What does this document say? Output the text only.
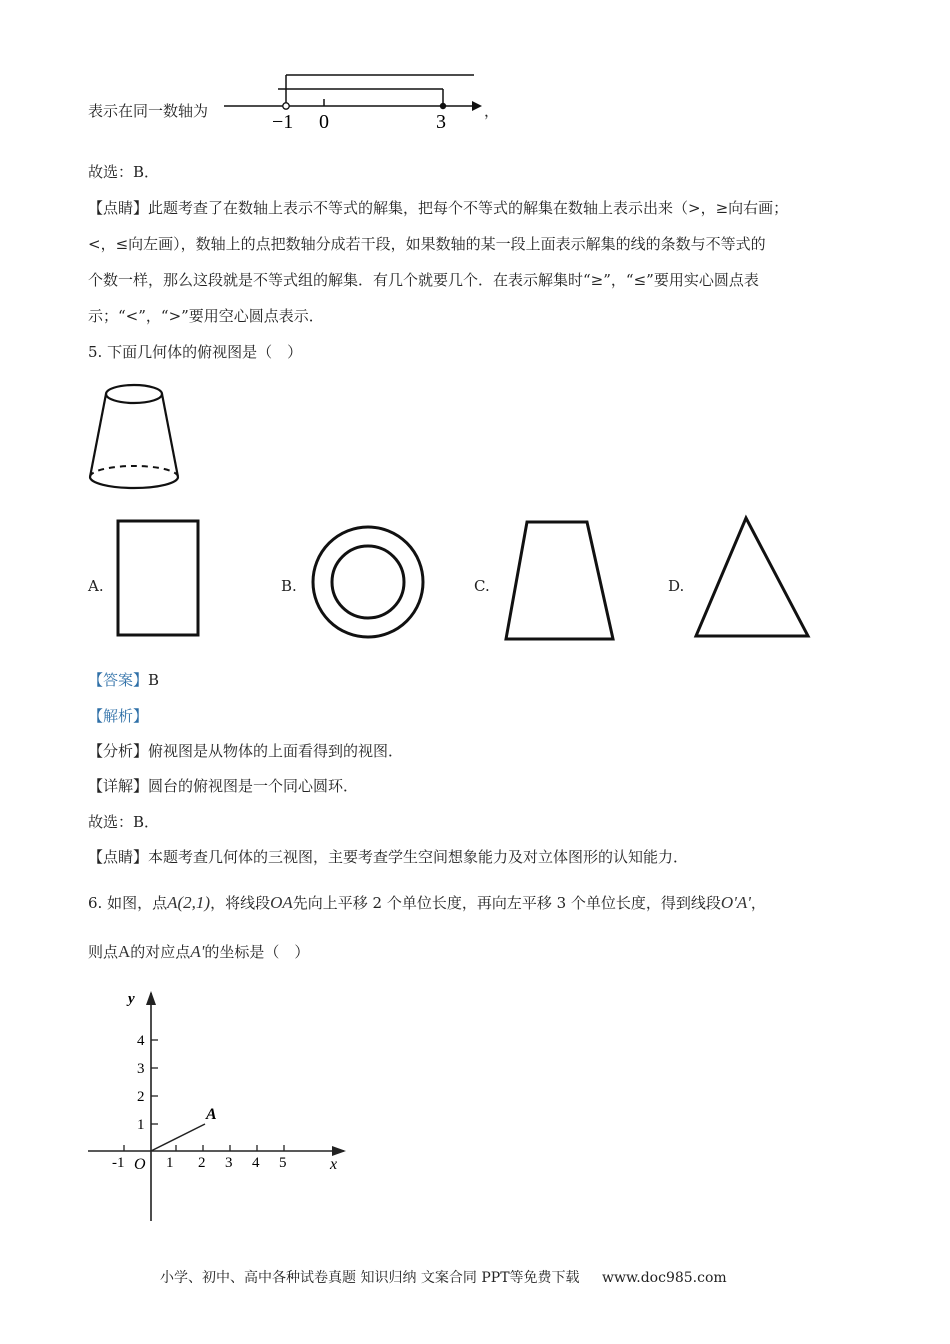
表示在同一数轴为	−1 0	3	，
故选：B．
【点睛】此题考查了在数轴上表示不等式的解集，把每个不等式的解集在数轴上表示出来（>，≥向右画；
<，≤向左画），数轴上的点把数轴分成若干段，如果数轴的某一段上面表示解集的线的条数与不等式的
个数一样，那么这段就是不等式组的解集．有几个就要几个．在表示解集时“≥”，“≤”要用实心圆点表
示；“<”，“>”要用空心圆点表示．
5. 下面几何体的俯视图是（　）
A.	B.	C.	D.
【答案】B
【解析】
【分析】俯视图是从物体的上面看得到的视图．
【详解】圆台的俯视图是一个同心圆环．
故选：B．
【点睛】本题考查几何体的三视图，主要考查学生空间想象能力及对立体图形的认知能力．
6. 如图，点A(2,1)，将线段OA先向上平移 2 个单位长度，再向左平移 3 个单位长度，得到线段O'A'，
则点A的对应点A'的坐标是（　）
y
x
O
A
-1	1 2 3 4 5
1
2
3
4
小学、初中、高中各种试卷真题 知识归纳 文案合同 PPT等免费下载 www.doc985.com
